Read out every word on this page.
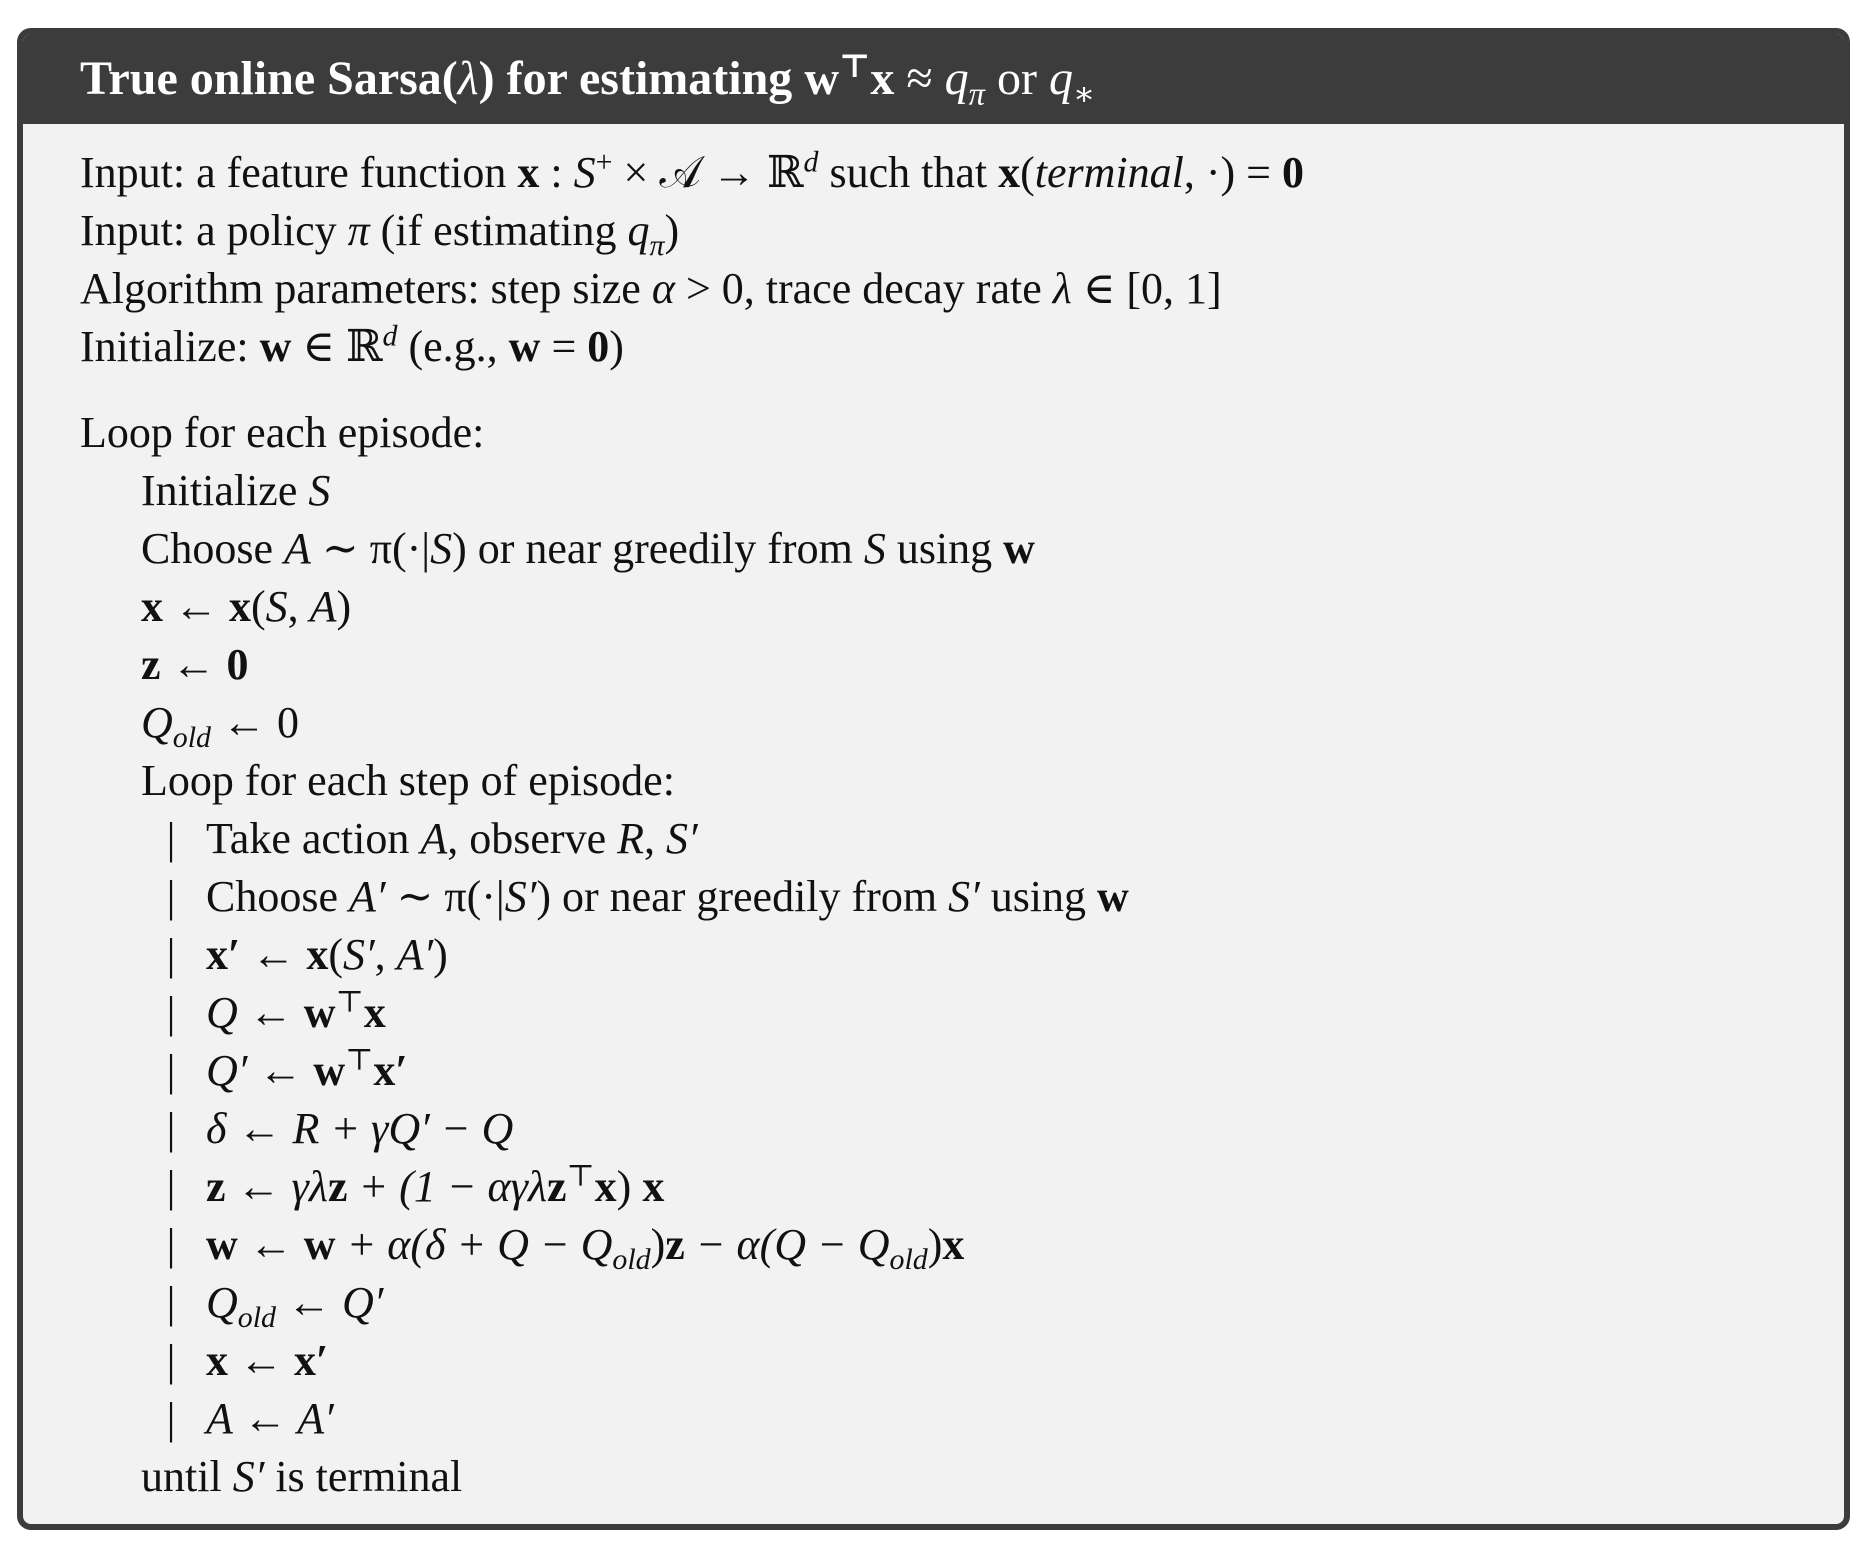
True online Sarsa(λ) for estimating $w^⊤x \approx q_\pi$ or $q_∗$
Input: a feature function x : S+ × 𝒜 → ℝ$^d$ such that x(terminal, ·) = 0
Input: a policy π (if estimating $q_\pi$)
Algorithm parameters: step size α > 0, trace decay rate λ ∈ [0, 1]
Initialize: w ∈ ℝ$^d$ (e.g., w = 0)
Loop for each episode:
Initialize S
Choose A ∼ π(·|S) or near greedily from S using w
x ← x(S, A)
z ← 0
$Q_{old}$ ← 0
Loop for each step of episode:
| Take action A, observe R, S′
| Choose A′ ∼ π(·|S′) or near greedily from S′ using w
| x′ ← x(S′, A′)
| Q ← w⊤x
| Q′ ← w⊤x′
| δ ← R + γQ′ − Q
| z ← γλz + (1 − αγλz⊤x) x
| w ← $w + \alpha(\delta + Q - Q_{old})z - \alpha(Q - Q_{old})x$
| $Q_{old}$ ← Q′
| x ← x′
| A ← A′
until S′ is terminal
